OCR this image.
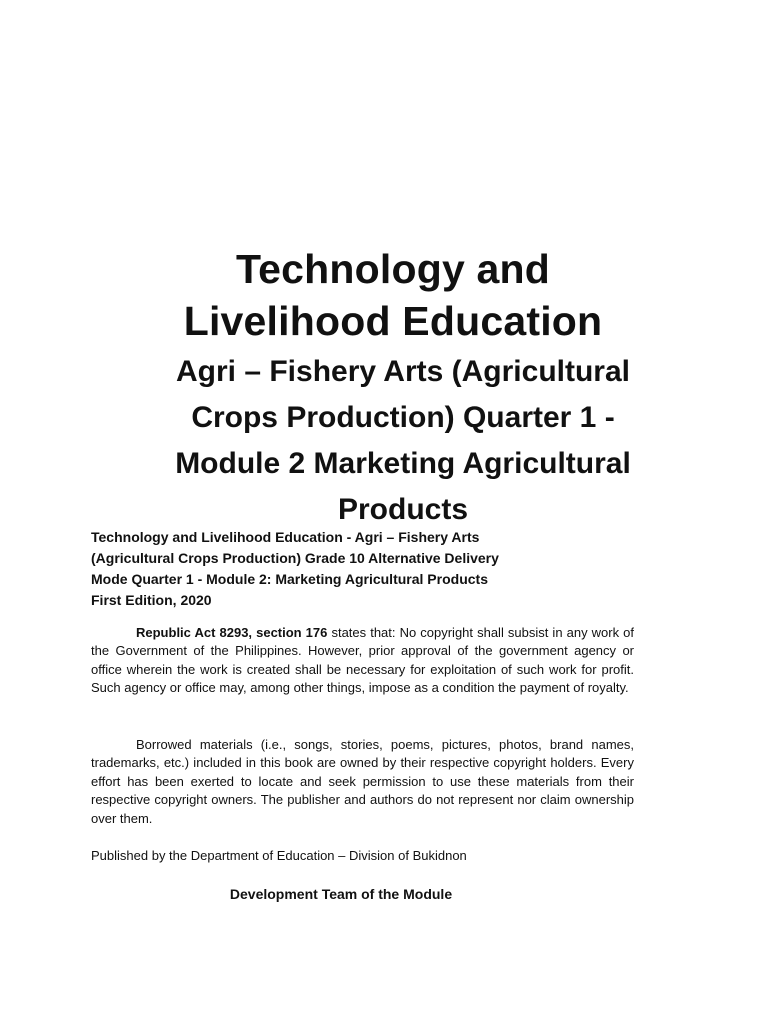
Technology and
Livelihood Education
Agri – Fishery Arts (Agricultural Crops Production) Quarter 1 - Module 2 Marketing Agricultural Products
Technology and Livelihood Education - Agri – Fishery Arts
(Agricultural Crops Production) Grade 10 Alternative Delivery
Mode Quarter 1 - Module 2: Marketing Agricultural Products
First Edition, 2020

Republic Act 8293, section 176 states that: No copyright shall subsist in any work of the Government of the Philippines. However, prior approval of the government agency or office wherein the work is created shall be necessary for exploitation of such work for profit. Such agency or office may, among other things, impose as a condition the payment of royalty.

Borrowed materials (i.e., songs, stories, poems, pictures, photos, brand names, trademarks, etc.) included in this book are owned by their respective copyright holders. Every effort has been exerted to locate and seek permission to use these materials from their respective copyright owners. The publisher and authors do not represent nor claim ownership over them.

Published by the Department of Education – Division of Bukidnon
Development Team of the Module
